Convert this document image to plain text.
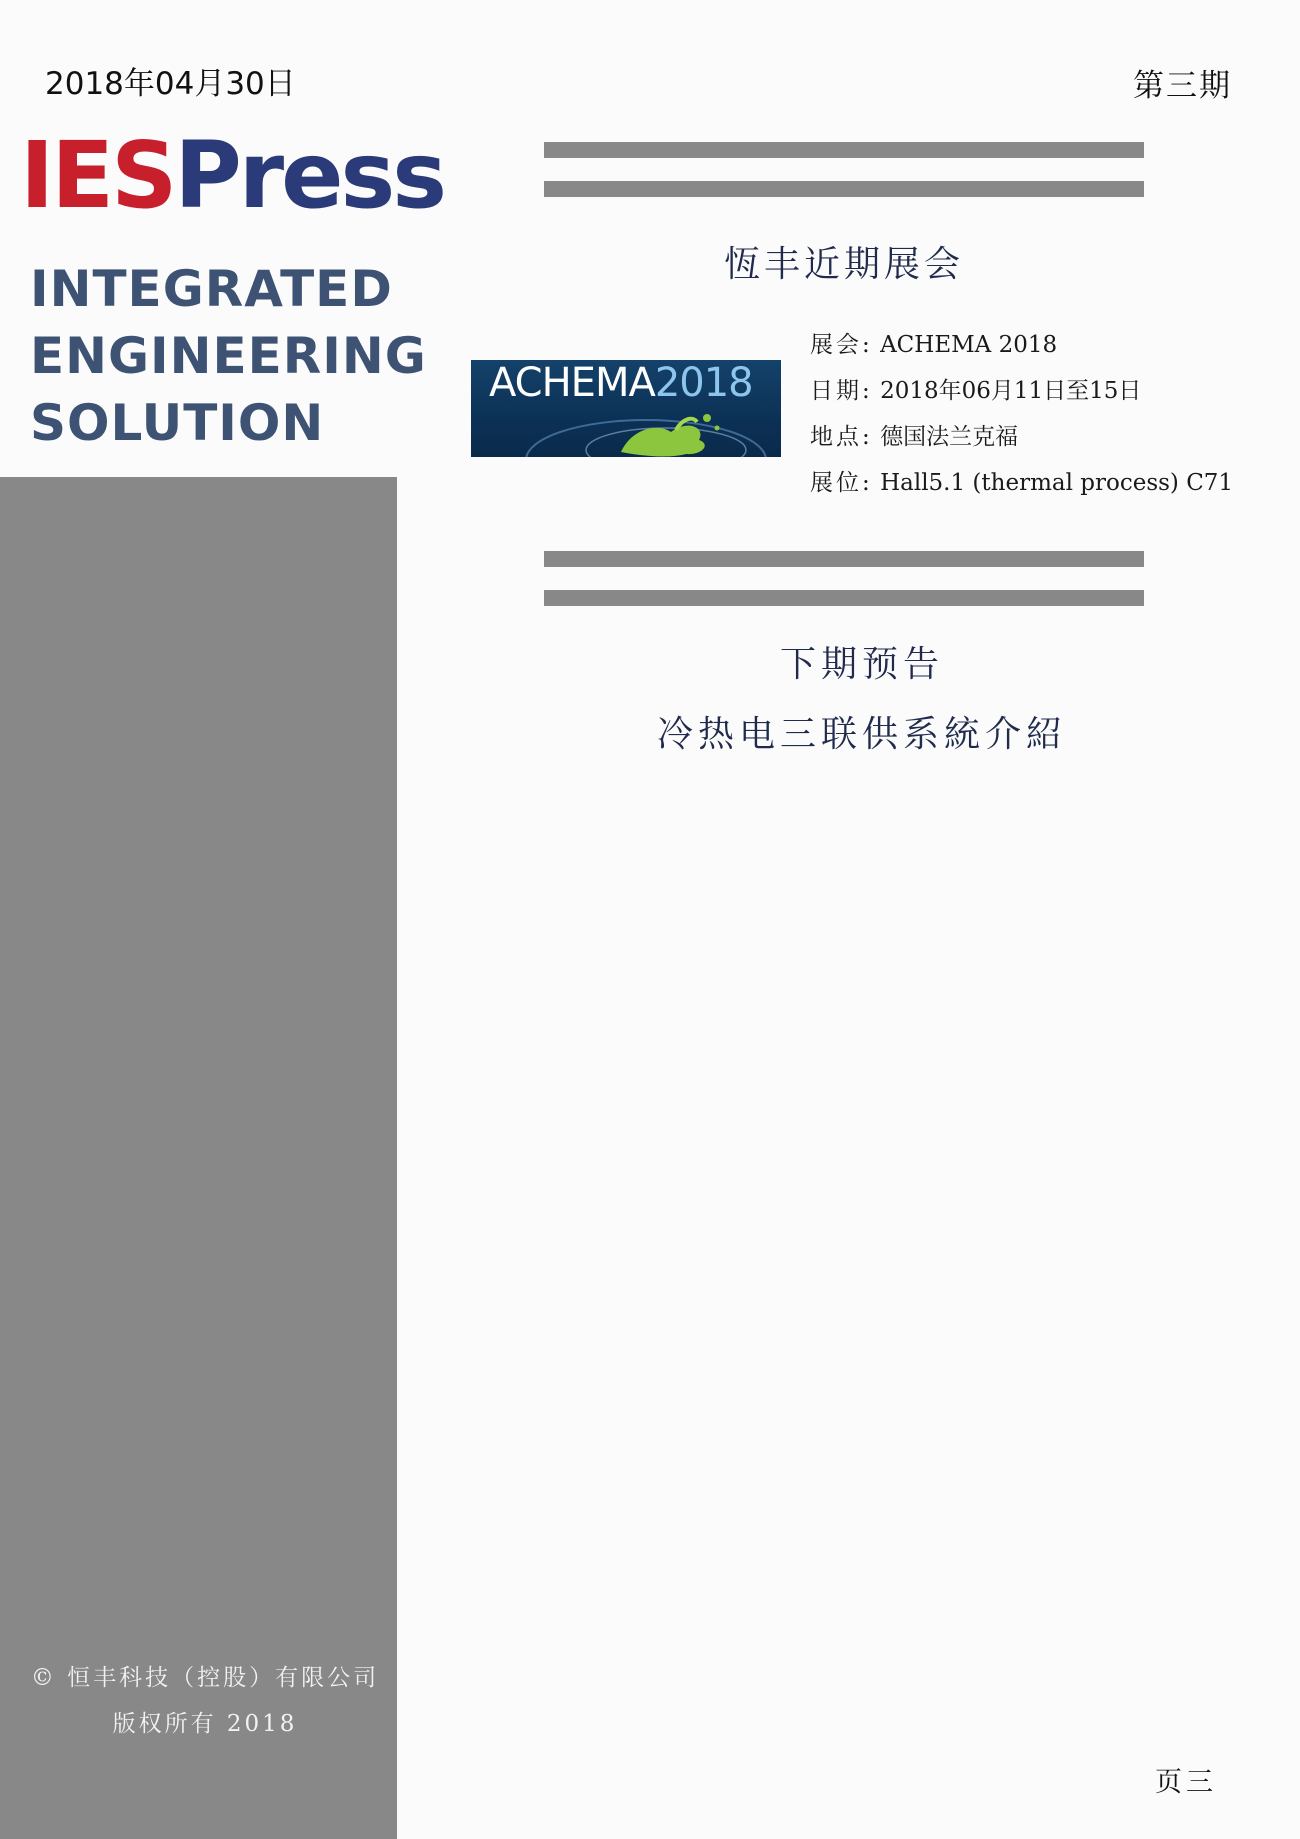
2018年04月30日	第三期
IESPress
INTEGRATED
ENGINEERING
SOLUTION
© 恒丰科技（控股）有限公司
版权所有 2018
恆丰近期展会
ACHEMA2018
展会: ACHEMA 2018
日期: 2018年06月11日至15日
地点: 德国法兰克福
展位: Hall5.1 (thermal process) C71
下期预告
冷热电三联供系統介紹
页三
